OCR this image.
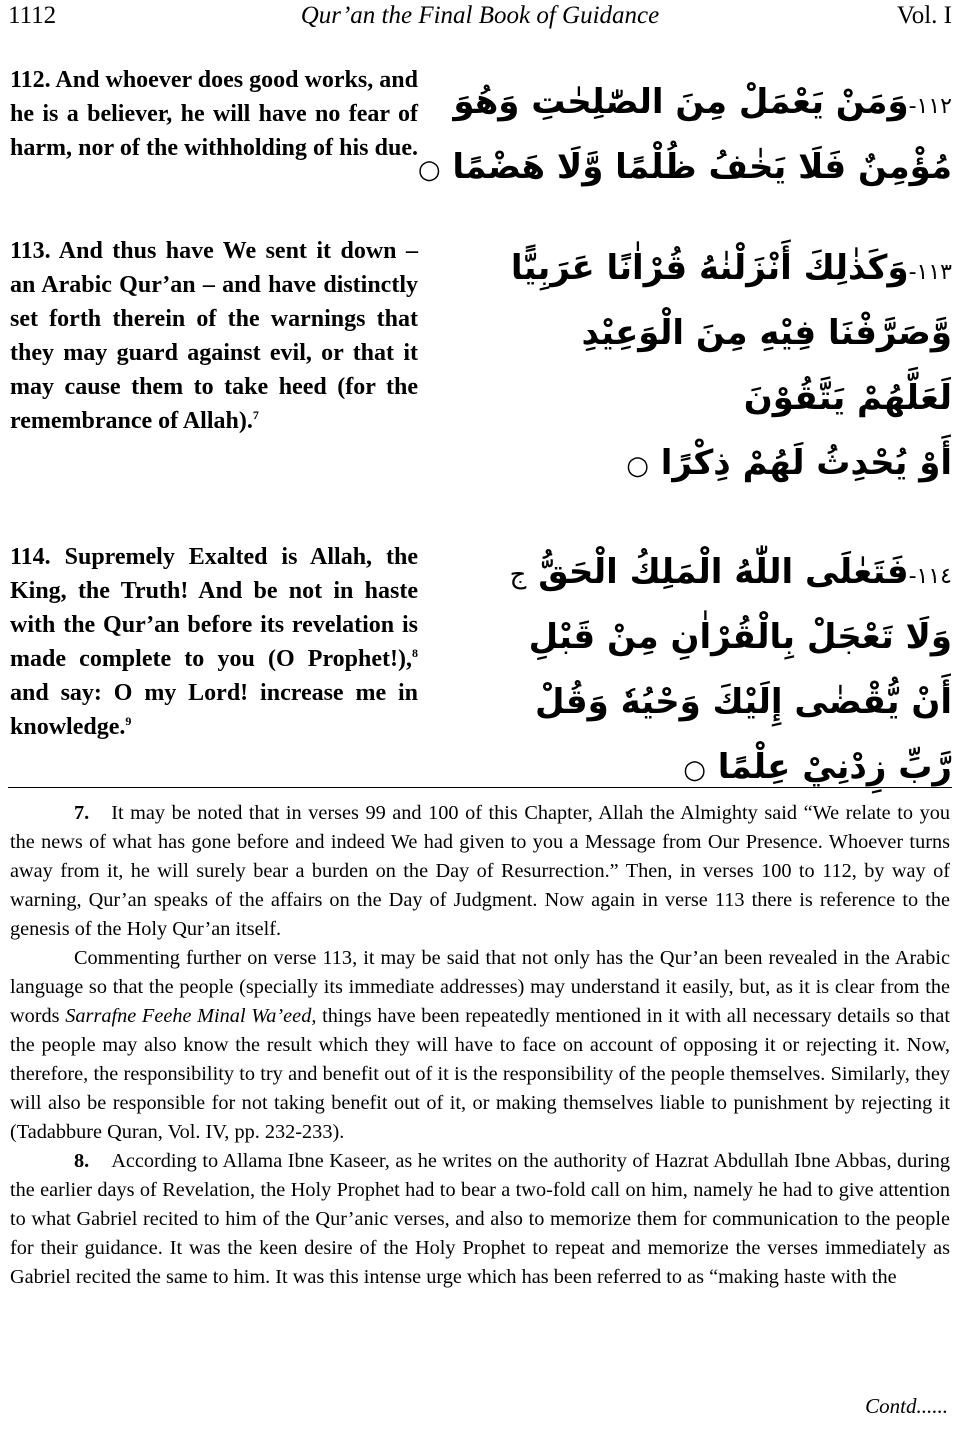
1112	Qur’an the Final Book of Guidance	Vol. I
112. And whoever does good works, and he is a believer, he will have no fear of harm, nor of the withholding of his due.
١١٢-وَمَنْ يَعْمَلْ مِنَ الصّٰلِحٰتِ وَهُوَ
مُؤْمِنٌ فَلَا يَخٰفُ ظُلْمًا وَّلَا هَضْمًا ○
113. And thus have We sent it down – an Arabic Qur’an – and have distinctly set forth therein of the warnings that they may guard against evil, or that it may cause them to take heed (for the remembrance of Allah).$^7$
١١٣-وَكَذٰلِكَ أَنْزَلْنٰهُ قُرْاٰنًا عَرَبِيًّا
وَّصَرَّفْنَا فِيْهِ مِنَ الْوَعِيْدِ
لَعَلَّهُمْ يَتَّقُوْنَ
أَوْ يُحْدِثُ لَهُمْ ذِكْرًا ○
114. Supremely Exalted is Allah, the King, the Truth! And be not in haste with the Qur’an before its revelation is made complete to you (O Prophet!),$^8$ and say: O my Lord! increase me in knowledge.$^9$
١١٤-فَتَعٰلَى اللّٰهُ الْمَلِكُ الْحَقُّ ج
وَلَا تَعْجَلْ بِالْقُرْاٰنِ مِنْ قَبْلِ
أَنْ يُّقْضٰى إِلَيْكَ وَحْيُهٗ وَقُلْ
رَّبِّ زِدْنِيْ عِلْمًا ○

7. It may be noted that in verses 99 and 100 of this Chapter, Allah the Almighty said “We relate to you the news of what has gone before and indeed We had given to you a Message from Our Presence. Whoever turns away from it, he will surely bear a burden on the Day of Resurrection.” Then, in verses 100 to 112, by way of warning, Qur’an speaks of the affairs on the Day of Judgment. Now again in verse 113 there is reference to the genesis of the Holy Qur’an itself.

Commenting further on verse 113, it may be said that not only has the Qur’an been revealed in the Arabic language so that the people (specially its immediate addresses) may understand it easily, but, as it is clear from the words Sarrafne Feehe Minal Wa’eed, things have been repeatedly mentioned in it with all necessary details so that the people may also know the result which they will have to face on account of opposing it or rejecting it. Now, therefore, the responsibility to try and benefit out of it is the responsibility of the people themselves. Similarly, they will also be responsible for not taking benefit out of it, or making themselves liable to punishment by rejecting it (Tadabbure Quran, Vol. IV, pp. 232-233).

8. According to Allama Ibne Kaseer, as he writes on the authority of Hazrat Abdullah Ibne Abbas, during the earlier days of Revelation, the Holy Prophet had to bear a two-fold call on him, namely he had to give attention to what Gabriel recited to him of the Qur’anic verses, and also to memorize them for communication to the people for their guidance. It was the keen desire of the Holy Prophet to repeat and memorize the verses immediately as Gabriel recited the same to him. It was this intense urge which has been referred to as “making haste with the

Contd......
